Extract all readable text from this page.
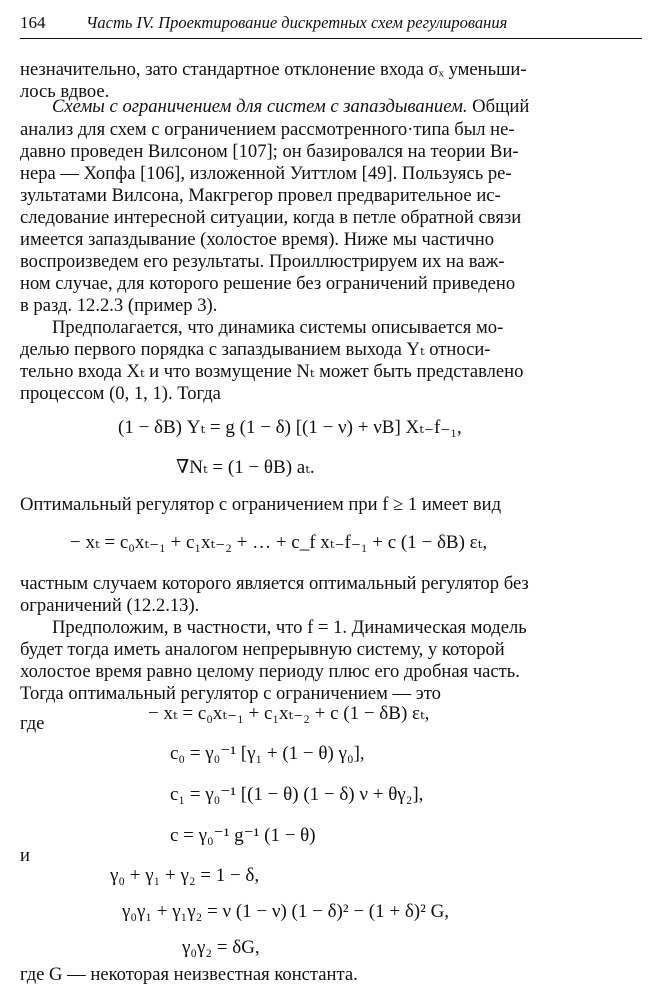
164 Часть IV. Проектирование дискретных схем регулирования
незначительно, зато стандартное отклонение входа σₓ уменьши-
лось вдвое.
Схемы с ограничением для систем с запаздыванием. Общий
анализ для схем с ограничением рассмотренного·типа был не-
давно проведен Вилсоном [107]; он базировался на теории Ви-
нера — Хопфа [106], изложенной Уиттлом [49]. Пользуясь ре-
зультатами Вилсона, Макгрегор провел предварительное ис-
следование интересной ситуации, когда в петле обратной связи
имеется запаздывание (холостое время). Ниже мы частично
воспроизведем его результаты. Проиллюстрируем их на важ-
ном случае, для которого решение без ограничений приведено
в разд. 12.2.3 (пример 3).
Предполагается, что динамика системы описывается мо-
делью первого порядка с запаздыванием выхода Yₜ относи-
тельно входа Xₜ и что возмущение Nₜ может быть представлено
процессом (0, 1, 1). Тогда
(1 − δB) Yₜ = g (1 − δ) [(1 − ν) + νB] Xₜ₋f₋₁,
∇Nₜ = (1 − θB) aₜ.
Оптимальный регулятор с ограничением при f ≥ 1 имеет вид
− xₜ = c₀xₜ₋₁ + c₁xₜ₋₂ + … + c_f xₜ₋f₋₁ + c (1 − δB) εₜ,
частным случаем которого является оптимальный регулятор без
ограничений (12.2.13).
Предположим, в частности, что f = 1. Динамическая модель
будет тогда иметь аналогом непрерывную систему, у которой
холостое время равно целому периоду плюс его дробная часть.
Тогда оптимальный регулятор с ограничением — это
− xₜ = c₀xₜ₋₁ + c₁xₜ₋₂ + c (1 − δB) εₜ,
где
c₀ = γ₀⁻¹ [γ₁ + (1 − θ) γ₀],
c₁ = γ₀⁻¹ [(1 − θ) (1 − δ) ν + θγ₂],
c = γ₀⁻¹ g⁻¹ (1 − θ)
и
γ₀ + γ₁ + γ₂ = 1 − δ,
γ₀γ₁ + γ₁γ₂ = ν (1 − ν) (1 − δ)² − (1 + δ)² G,
γ₀γ₂ = δG,
где G — некоторая неизвестная константа.
